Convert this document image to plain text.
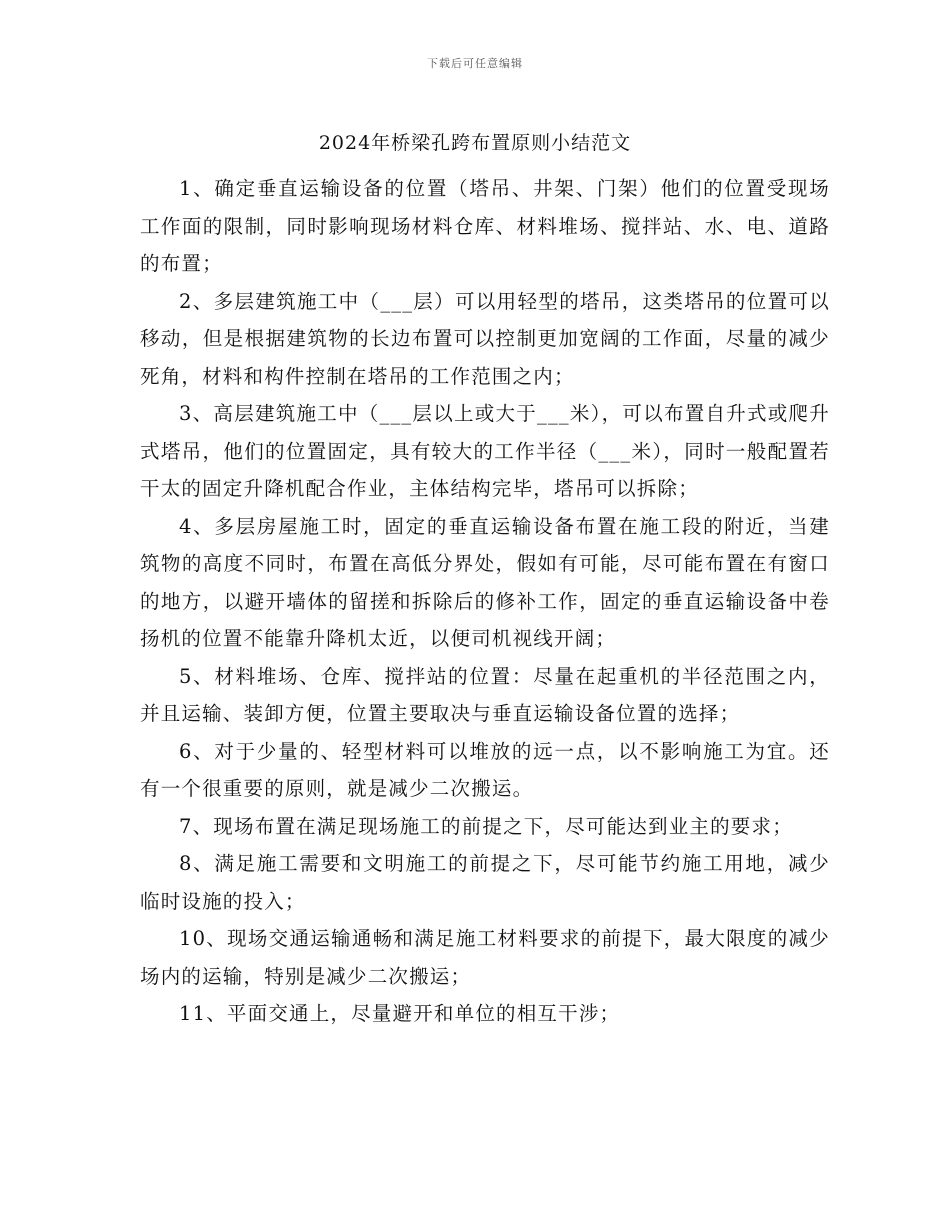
下载后可任意编辑
2024年桥梁孔跨布置原则小结范文

1、确定垂直运输设备的位置（塔吊、井架、门架）他们的位置受现场工作面的限制，同时影响现场材料仓库、材料堆场、搅拌站、水、电、道路的布置；

2、多层建筑施工中（___层）可以用轻型的塔吊，这类塔吊的位置可以移动，但是根据建筑物的长边布置可以控制更加宽阔的工作面，尽量的减少死角，材料和构件控制在塔吊的工作范围之内；

3、高层建筑施工中（___层以上或大于___米），可以布置自升式或爬升式塔吊，他们的位置固定，具有较大的工作半径（___米），同时一般配置若干太的固定升降机配合作业，主体结构完毕，塔吊可以拆除；

4、多层房屋施工时，固定的垂直运输设备布置在施工段的附近，当建筑物的高度不同时，布置在高低分界处，假如有可能，尽可能布置在有窗口的地方，以避开墙体的留搓和拆除后的修补工作，固定的垂直运输设备中卷扬机的位置不能靠升降机太近，以便司机视线开阔；

5、材料堆场、仓库、搅拌站的位置：尽量在起重机的半径范围之内，并且运输、装卸方便，位置主要取决与垂直运输设备位置的选择；

6、对于少量的、轻型材料可以堆放的远一点，以不影响施工为宜。还有一个很重要的原则，就是减少二次搬运。

7、现场布置在满足现场施工的前提之下，尽可能达到业主的要求；

8、满足施工需要和文明施工的前提之下，尽可能节约施工用地，减少临时设施的投入；

10、现场交通运输通畅和满足施工材料要求的前提下，最大限度的减少场内的运输，特别是减少二次搬运；

11、平面交通上，尽量避开和单位的相互干涉；
